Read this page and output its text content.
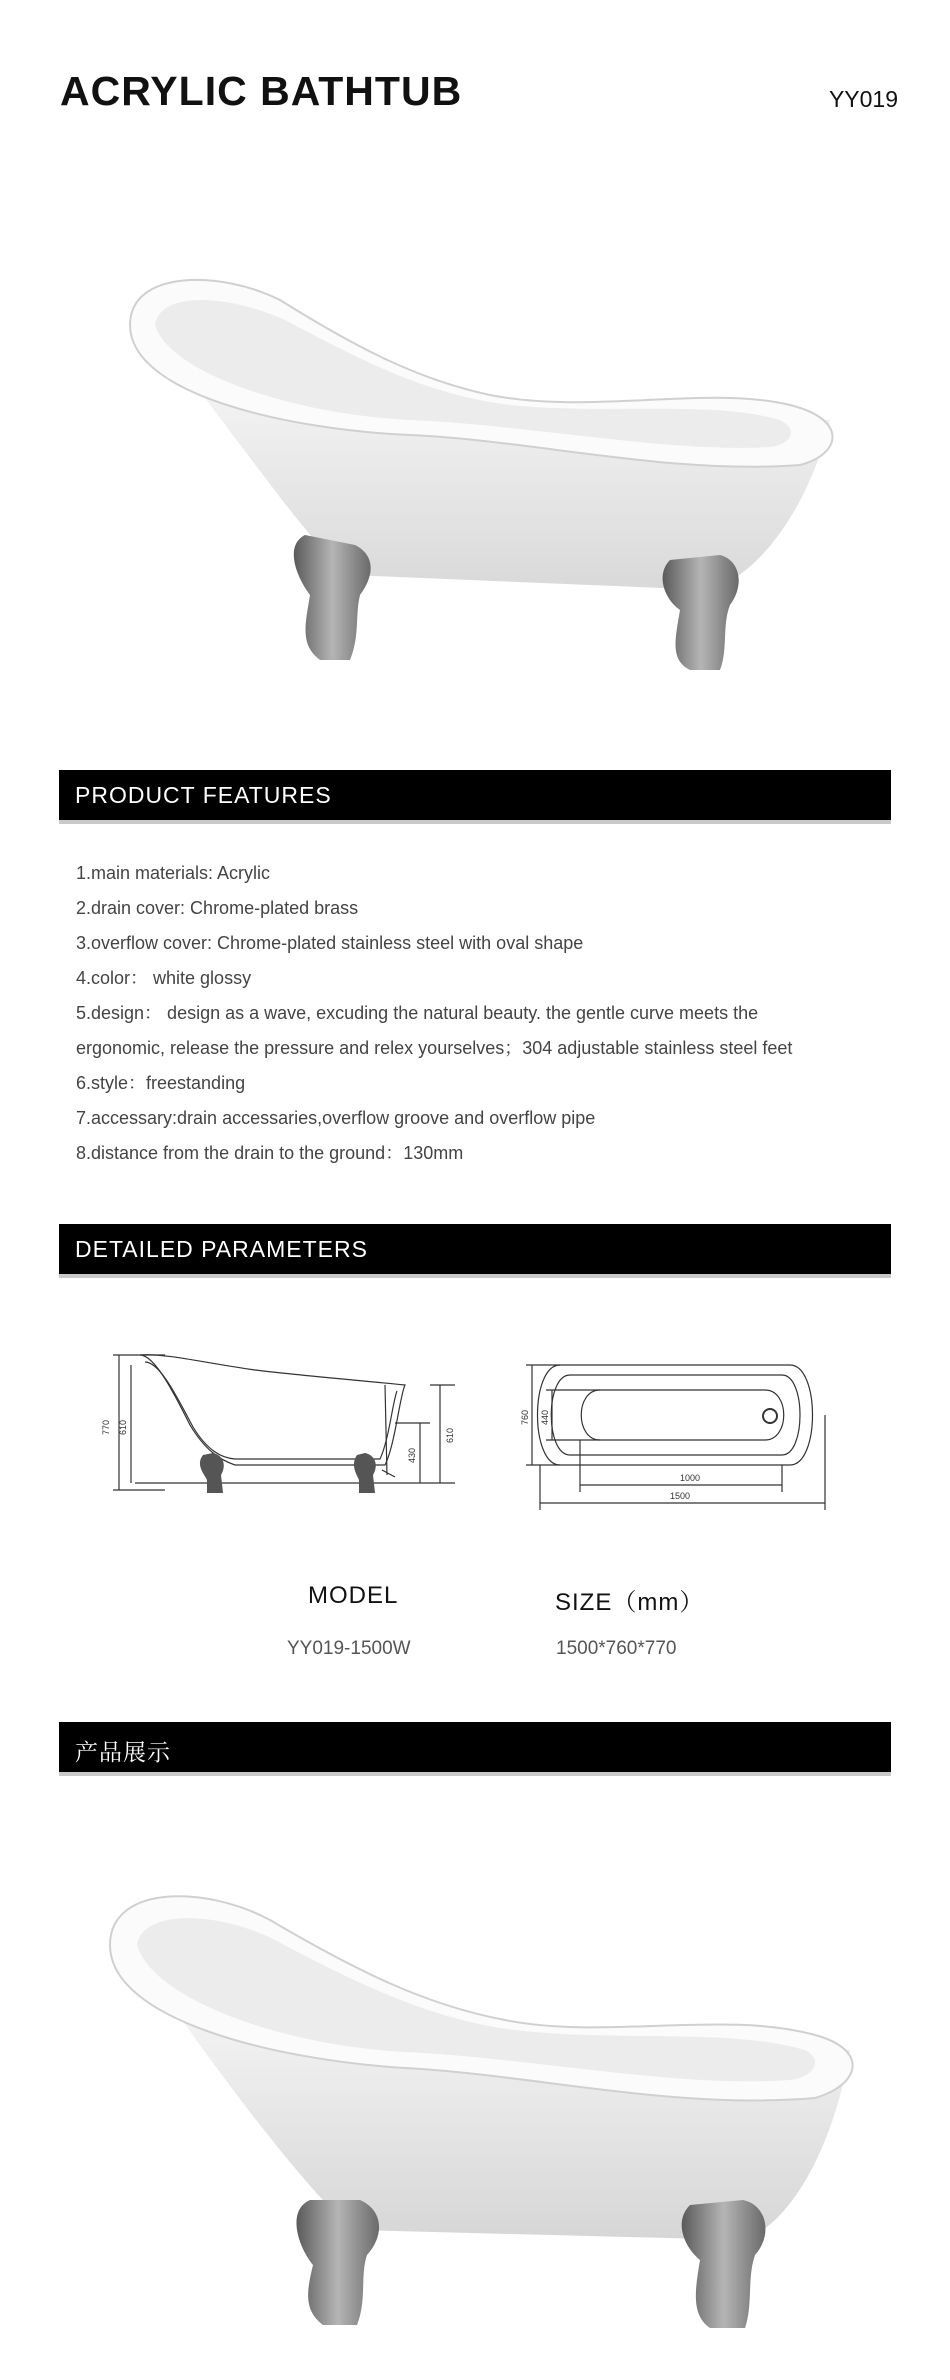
ACRYLIC BATHTUB	YY019
PRODUCT FEATURES
1.main materials: Acrylic
2.drain cover: Chrome-plated brass
3.overflow cover: Chrome-plated stainless steel with oval shape
4.color： white glossy
5.design： design as a wave, excuding the natural beauty. the gentle curve meets the
ergonomic, release the pressure and relex yourselves；304 adjustable stainless steel feet
6.style：freestanding
7.accessary:drain accessaries,overflow groove and overflow pipe
8.distance from the drain to the ground：130mm
DETAILED PARAMETERS
770 610
430
610
760 440
1000
1500
MODEL	SIZE（mm）
YY019-1500W	1500*760*770
产品展示
